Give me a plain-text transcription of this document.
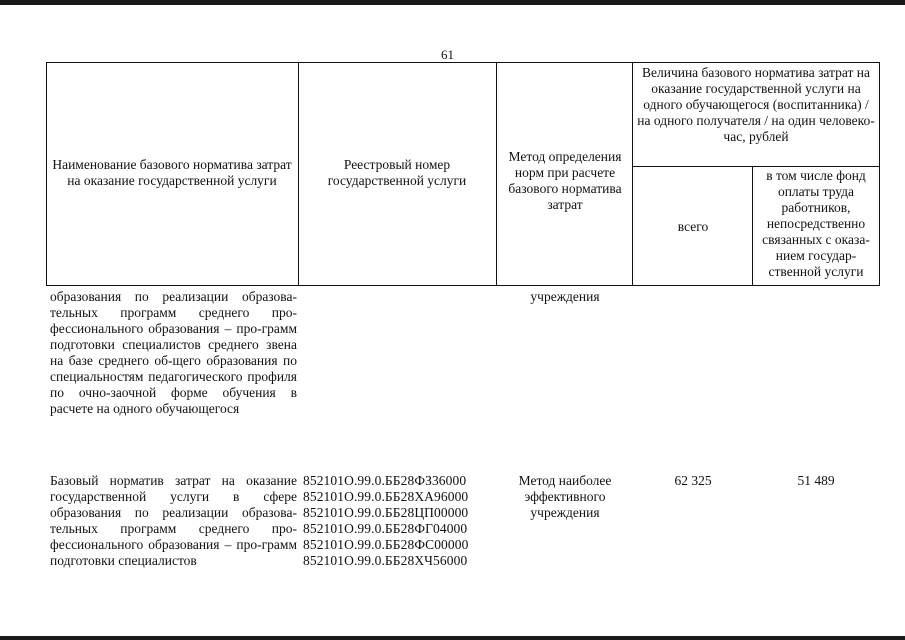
61
Наименование базового норматива затрат на оказание государственной услуги
Реестровый номер государственной услуги
Метод определения норм при расчете базового норматива затрат
Величина базового норматива затрат на оказание государственной услуги на одного обучающегося (воспитанника) / на одного получателя / на один человеко-час, рублей
всего
в том числе фонд оплаты труда работников, непосредственно связанных с оказа-нием государ-ственной услуги
образования по реализации образова-тельных программ среднего про-фессионального образования – про-грамм подготовки специалистов среднего звена на базе среднего об-щего образования по специальностям педагогического профиля по очно-заочной форме обучения в расчете на одного обучающегося
учреждения
Базовый норматив затрат на оказание государственной услуги в сфере образования по реализации образова-тельных программ среднего про-фессионального образования – про-грамм подготовки специалистов
852101О.99.0.ББ28ФЗ36000
852101О.99.0.ББ28ХА96000
852101О.99.0.ББ28ЦП00000
852101О.99.0.ББ28ФГ04000
852101О.99.0.ББ28ФС00000
852101О.99.0.ББ28ХЧ56000
Метод наиболее эффективного учреждения
62 325	51 489
